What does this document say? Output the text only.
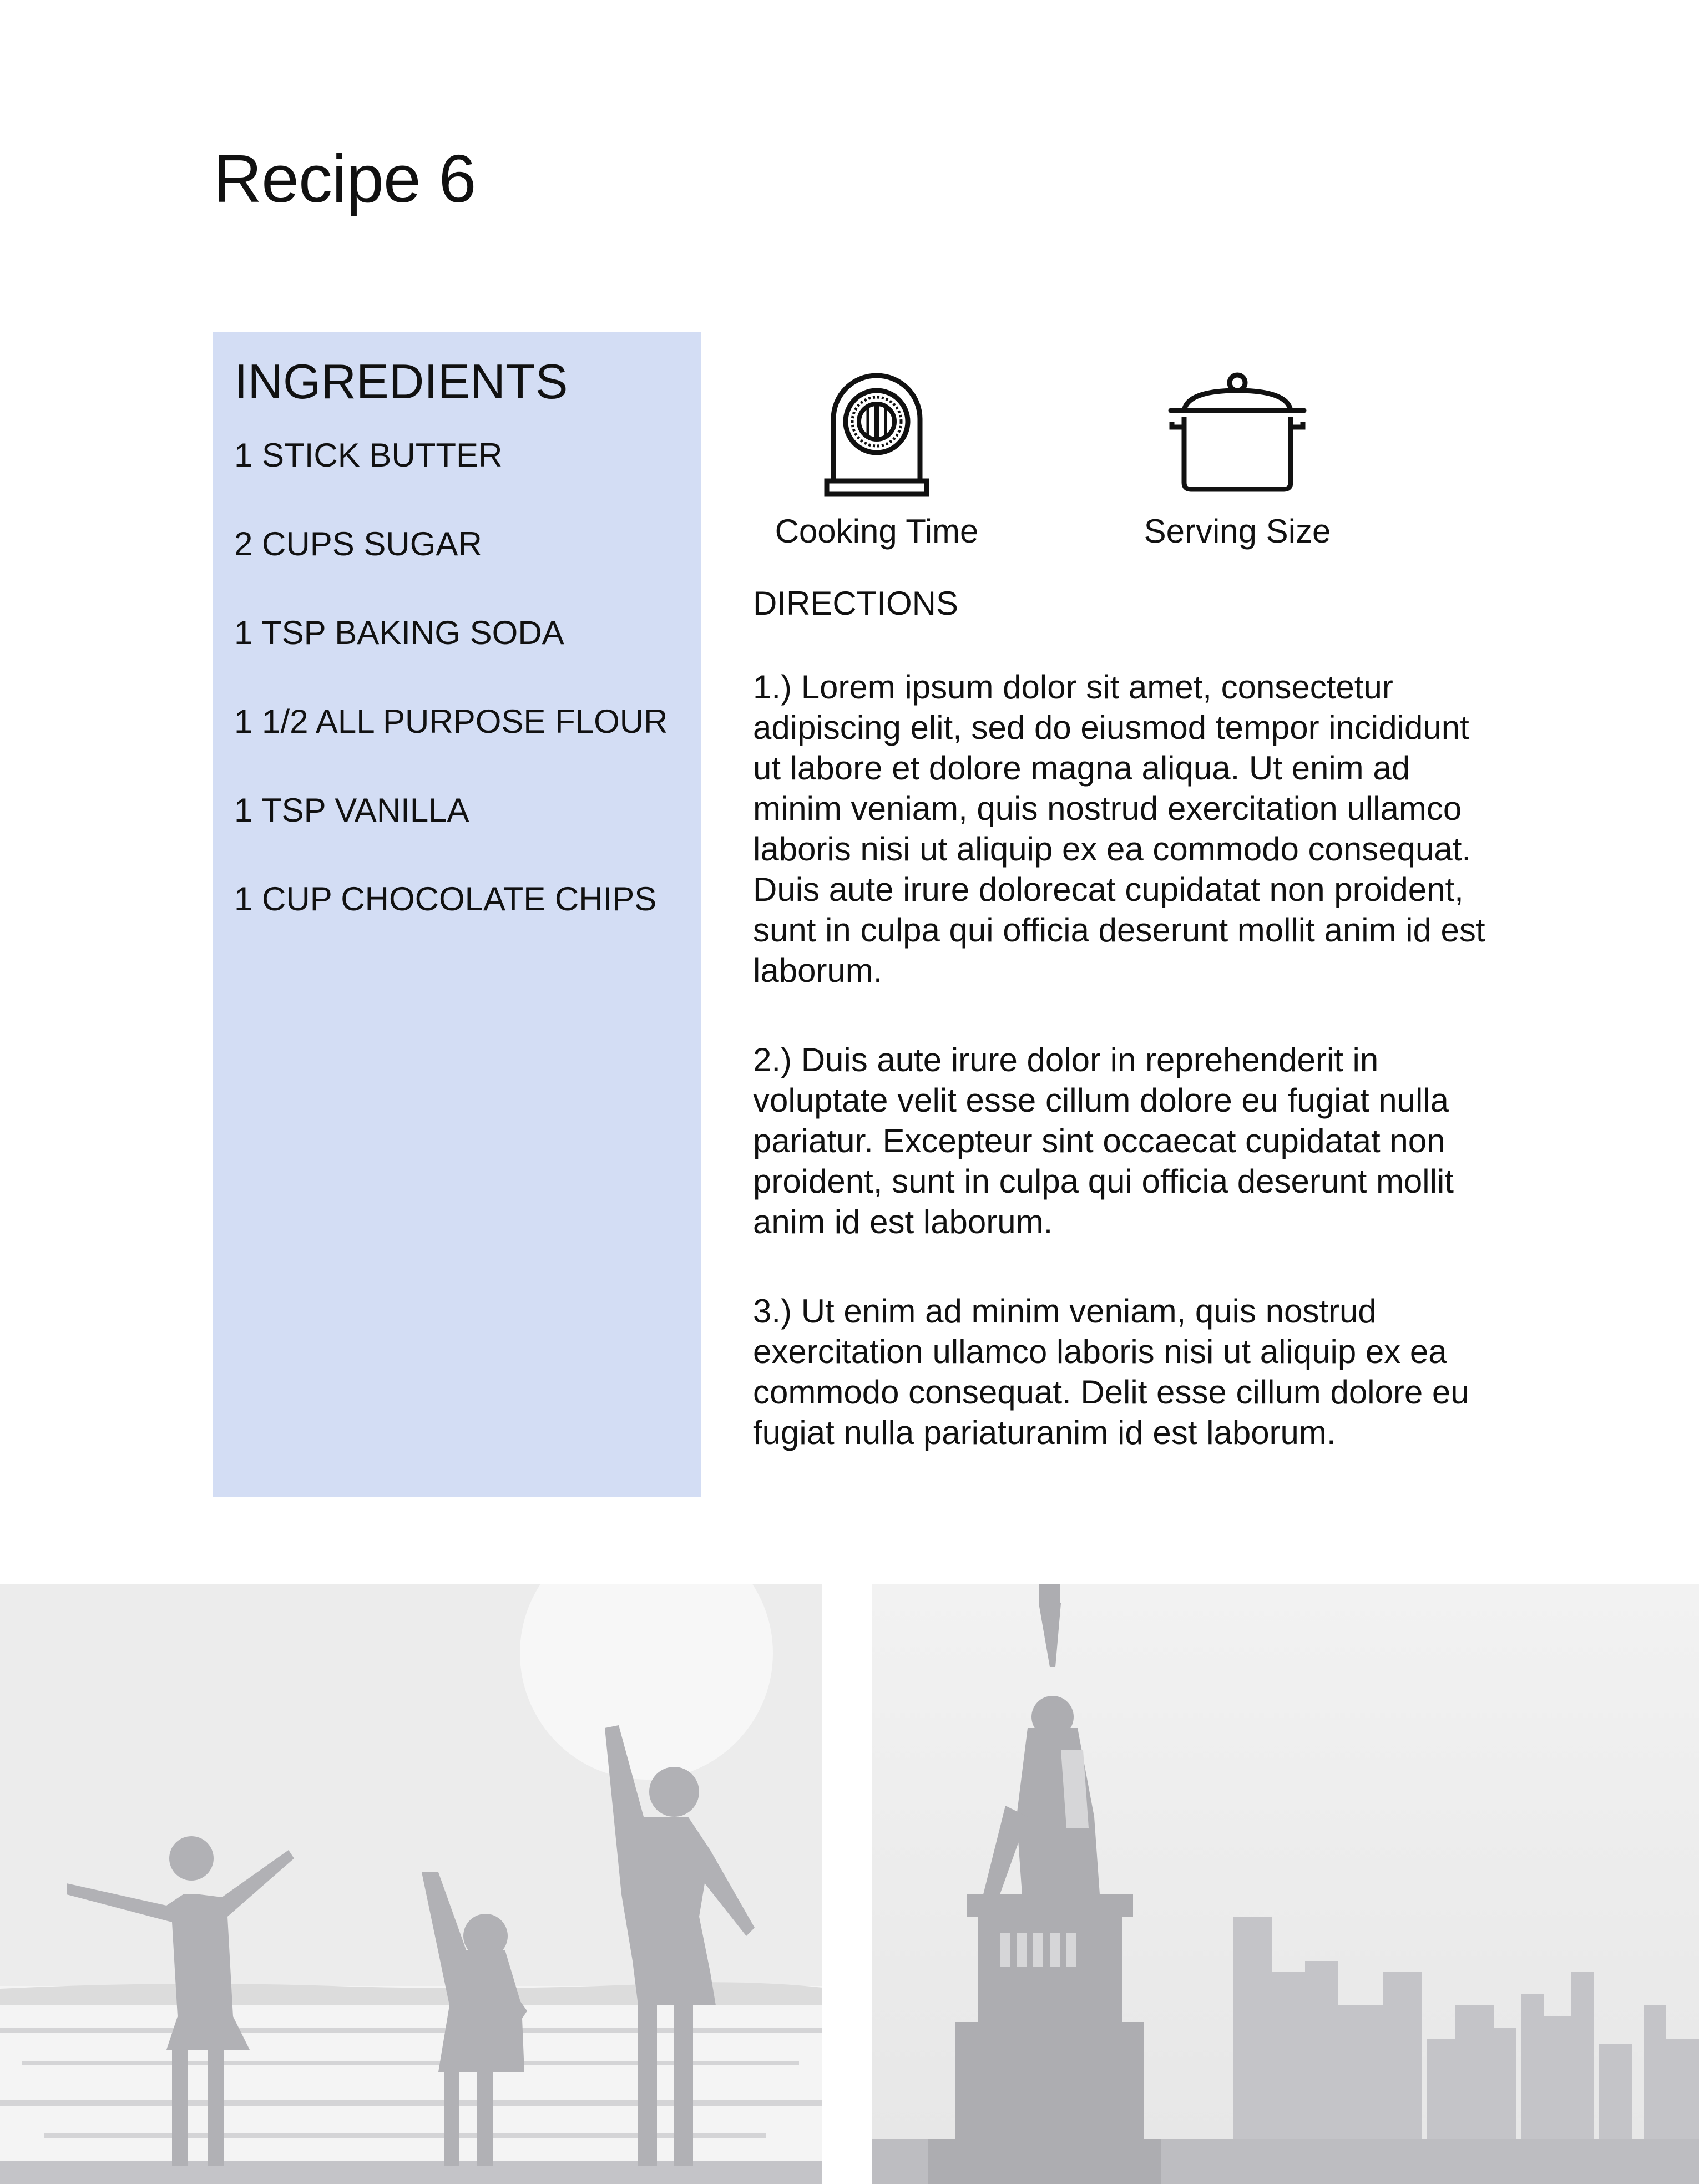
Recipe 6
INGREDIENTS
1 STICK BUTTER
2 CUPS SUGAR
1 TSP BAKING SODA
1 1/2 ALL PURPOSE FLOUR
1 TSP VANILLA
1 CUP CHOCOLATE CHIPS
Cooking Time	Serving Size
DIRECTIONS

1.) Lorem ipsum dolor sit amet, consectetur adipiscing elit, sed do eiusmod tempor incididunt ut labore et dolore magna aliqua. Ut enim ad minim veniam, quis nostrud exercitation ullamco laboris nisi ut aliquip ex ea commodo consequat. Duis aute irure dolorecat cupidatat non proident, sunt in culpa qui officia deserunt mollit anim id est laborum.

2.) Duis aute irure dolor in reprehenderit in voluptate velit esse cillum dolore eu fugiat nulla pariatur. Excepteur sint occaecat cupidatat non proident, sunt in culpa qui officia deserunt mollit anim id est laborum.

3.) Ut enim ad minim veniam, quis nostrud exercitation ullamco laboris nisi ut aliquip ex ea commodo consequat. Delit esse cillum dolore eu fugiat nulla pariaturanim id est laborum.
